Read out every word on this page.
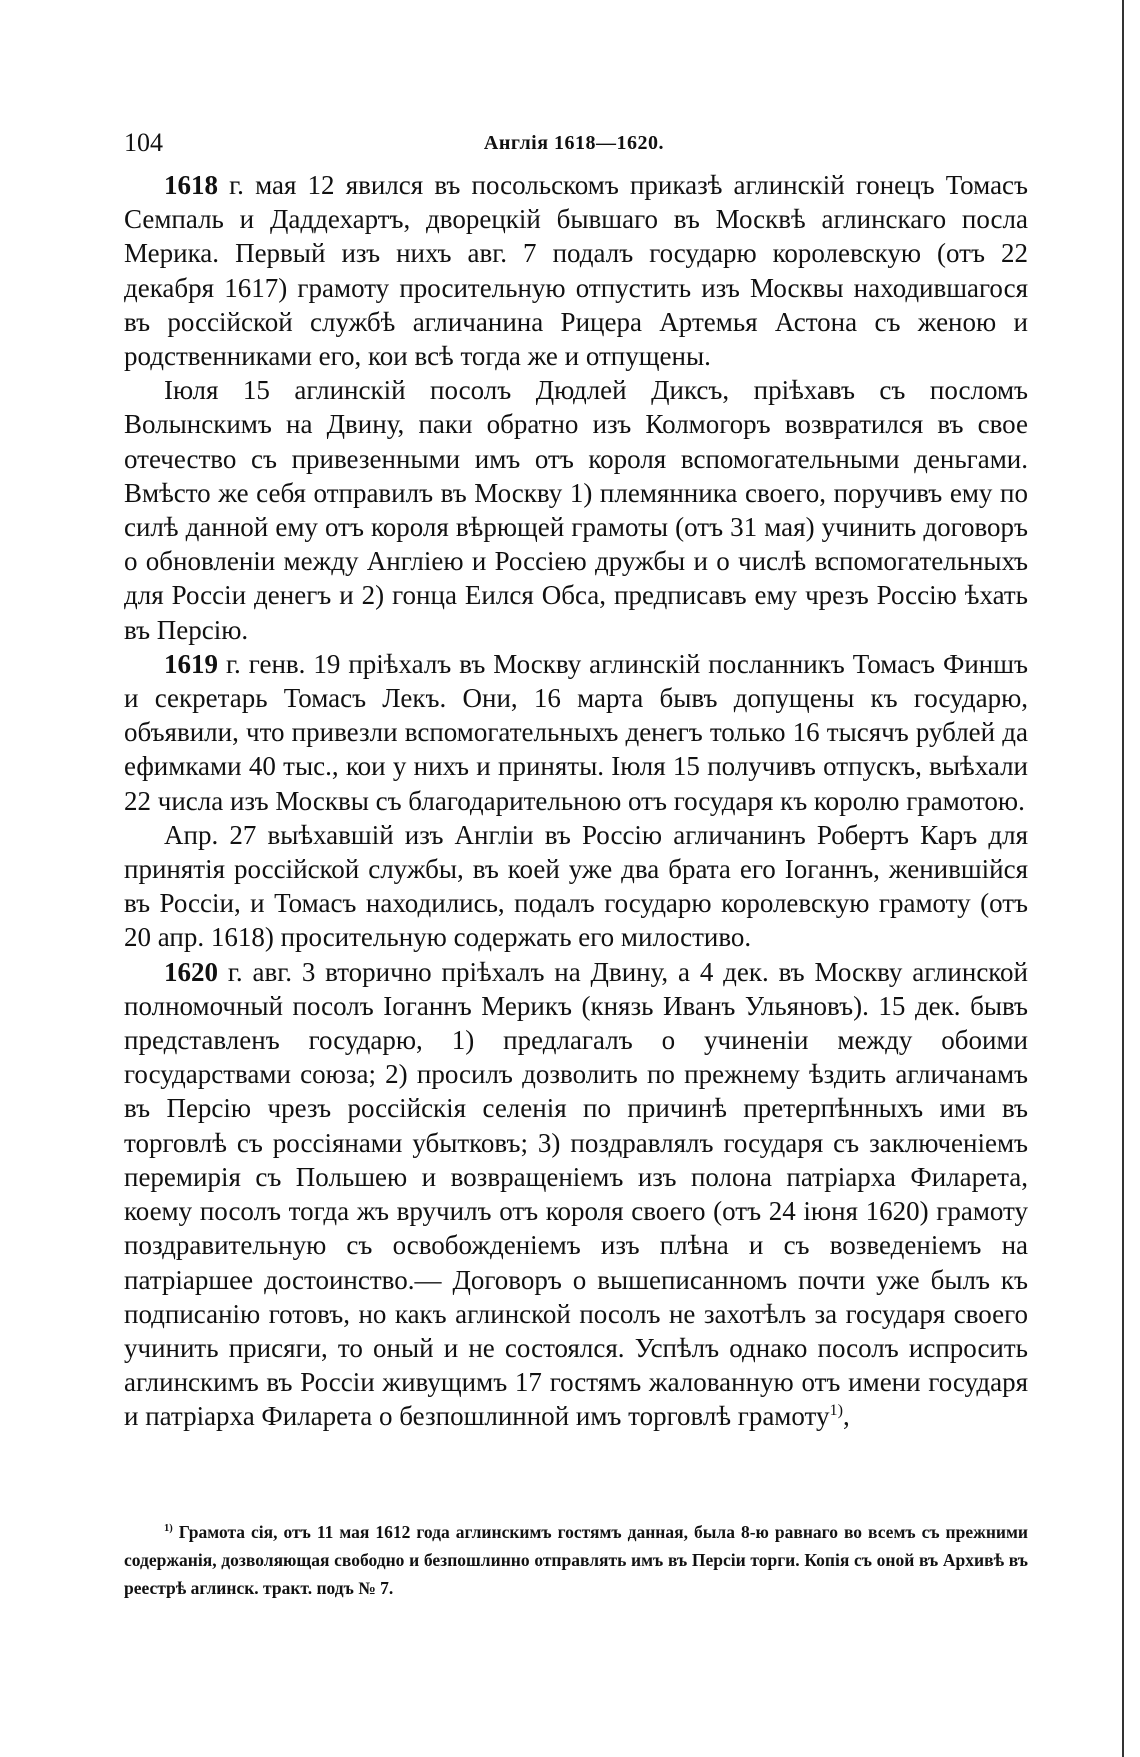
104	Англія 1618—1620.

1618 г. мая 12 явился въ посольскомъ приказѣ аглинскій гонецъ Томасъ Семпаль и Даддехартъ, дворецкій бывшаго въ Москвѣ аглинскаго посла Мерика. Первый изъ нихъ авг. 7 подалъ государю королевскую (отъ 22 декабря 1617) грамоту просительную отпустить изъ Москвы находившагося въ россійской службѣ агличанина Рицера Артемья Астона съ женою и родственниками его, кои всѣ тогда же и отпущены.

Іюля 15 аглинскій посолъ Дюдлей Диксъ, пріѣхавъ съ посломъ Волынскимъ на Двину, паки обратно изъ Колмогоръ возвратился въ свое отечество съ привезенными имъ отъ короля вспомогательными деньгами. Вмѣсто же себя отправилъ въ Москву 1) племянника своего, поручивъ ему по силѣ данной ему отъ короля вѣрющей грамоты (отъ 31 мая) учинить договоръ о обновленіи между Англіею и Россіею дружбы и о числѣ вспомогательныхъ для Россіи денегъ и 2) гонца Еился Обса, предписавъ ему чрезъ Россію ѣхать въ Персію.

1619 г. генв. 19 пріѣхалъ въ Москву аглинскій посланникъ Томасъ Финшъ и секретарь Томасъ Лекъ. Они, 16 марта бывъ допущены къ государю, объявили, что привезли вспомогательныхъ денегъ только 16 тысячъ рублей да ефимками 40 тыс., кои у нихъ и приняты. Іюля 15 получивъ отпускъ, выѣхали 22 числа изъ Москвы съ благодарительною отъ государя къ королю грамотою.

Апр. 27 выѣхавшій изъ Англіи въ Россію агличанинъ Робертъ Каръ для принятія россійской службы, въ коей уже два брата его Іоганнъ, женившійся въ Россіи, и Томасъ находились, подалъ государю королевскую грамоту (отъ 20 апр. 1618) просительную содержать его милостиво.

1620 г. авг. 3 вторично пріѣхалъ на Двину, а 4 дек. въ Москву аглинской полномочный посолъ Іоганнъ Мерикъ (князь Иванъ Ульяновъ). 15 дек. бывъ представленъ государю, 1) предлагалъ о учиненіи между обоими государствами союза; 2) просилъ дозволить по прежнему ѣздить агличанамъ въ Персію чрезъ россійскія селенія по причинѣ претерпѣнныхъ ими въ торговлѣ съ россіянами убытковъ; 3) поздравлялъ государя съ заключеніемъ перемирія съ Польшею и возвращеніемъ изъ полона патріарха Филарета, коему посолъ тогда жъ вручилъ отъ короля своего (отъ 24 іюня 1620) грамоту поздравительную съ освобожденіемъ изъ плѣна и съ возведеніемъ на патріаршее достоинство.— Договоръ о вышеписанномъ почти уже былъ къ подписанію готовъ, но какъ аглинской посолъ не захотѣлъ за государя своего учинить присяги, то оный и не состоялся. Успѣлъ однако посолъ испросить аглинскимъ въ Россіи живущимъ 17 гостямъ жалованную отъ имени государя и патріарха Филарета о безпошлинной имъ торговлѣ грамоту$^{1)}$,

$^{1)}$ Грамота сія, отъ 11 мая 1612 года аглинскимъ гостямъ данная, была 8-ю равнаго во всемъ съ прежними содержанія, дозволяющая свободно и безпошлинно отправлять имъ въ Персіи торги. Копія съ оной въ Архивѣ въ реестрѣ аглинск. тракт. подъ № 7.
